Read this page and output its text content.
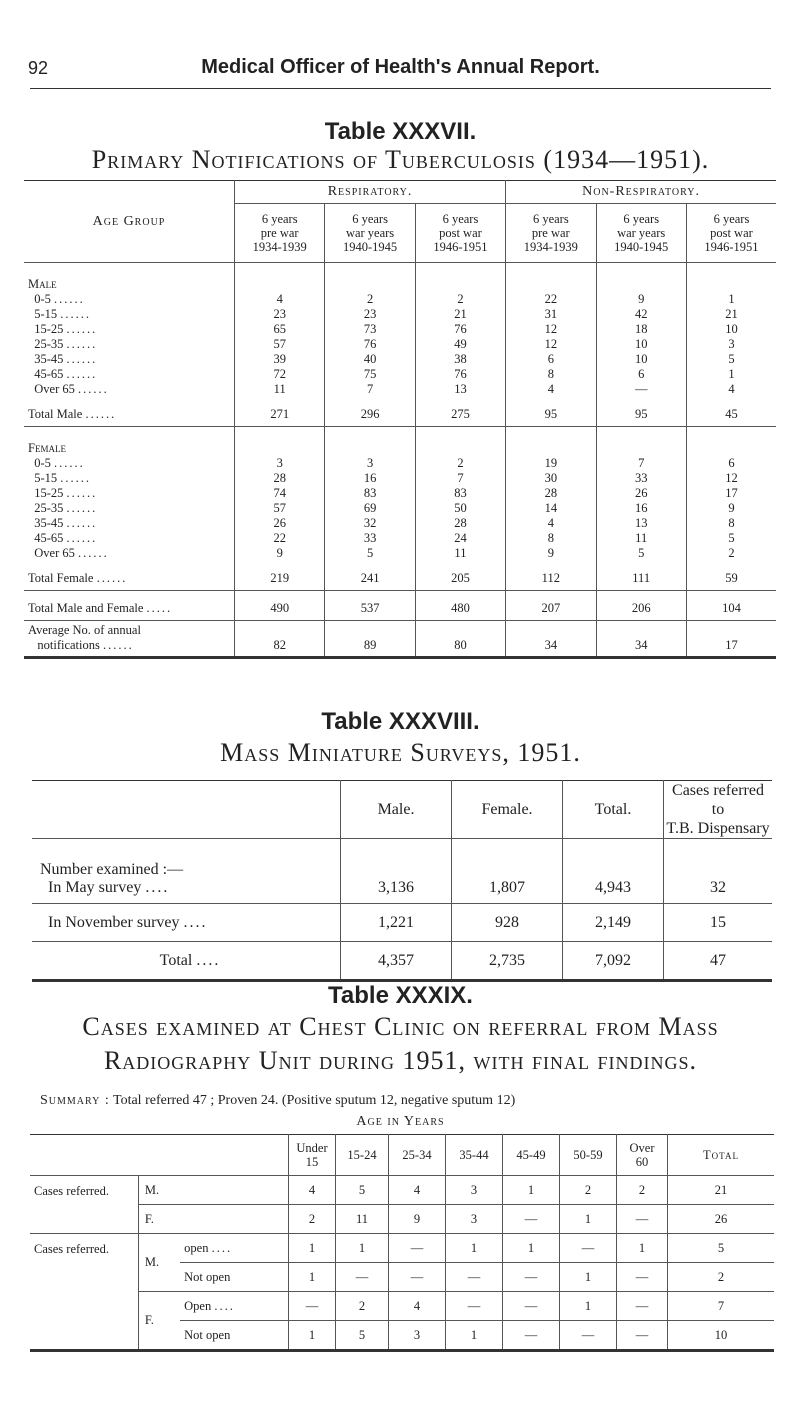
92	Medical Officer of Health's Annual Report.
Table XXXVII.
Primary Notifications of Tuberculosis (1934—1951).
Age Group	Respiratory.			Non-Respiratory.		
	6 years
pre war
1934-1939	6 years
war years
1940-1945	6 years
post war
1946-1951	6 years
pre war
1934-1939	6 years
war years
1940-1945	6 years
post war
1946-1951
Male						
0-5 ......	4	2	2	22	9	1
5-15 ......	23	23	21	31	42	21
15-25 ......	65	73	76	12	18	10
25-35 ......	57	76	49	12	10	3
35-45 ......	39	40	38	6	10	5
45-65 ......	72	75	76	8	6	1
Over 65 ......	11	7	13	4	—	4
Total Male ......	271	296	275	95	95	45
Female						
0-5 ......	3	3	2	19	7	6
5-15 ......	28	16	7	30	33	12
15-25 ......	74	83	83	28	26	17
25-35 ......	57	69	50	14	16	9
35-45 ......	26	32	28	4	13	8
45-65 ......	22	33	24	8	11	5
Over 65 ......	9	5	11	9	5	2
Total Female ......	219	241	205	112	111	59
Total Male and Female .....	490	537	480	207	206	104
Average No. of annual
notifications ......	82	89	80	34	34	17
Table XXXVIII.
Mass Miniature Surveys, 1951.
	Male.	Female.	Total.	Cases referred to
T.B. Dispensary
Number examined :—
In May survey ....	3,136	1,807	4,943	32
In November survey ....	1,221	928	2,149	15
Total ....	4,357	2,735	7,092	47
Table XXXIX.
Cases examined at Chest Clinic on referral from Mass
Radiography Unit during 1951, with final findings.
Summary : Total referred 47 ; Proven 24. (Positive sputum 12, negative sputum 12)
Age in Years
			Under
15	15-24	25-34	35-44	45-49	50-59	Over
60	Total
Cases referred.	M.		4	5	4	3	1	2	2	21
	F.		2	11	9	3	—	1	—	26
Cases referred.	M.	open ....	1	1	—	1	1	—	1	5
		Not open	1	—	—	—	—	1	—	2
	F.	Open ....	—	2	4	—	—	1	—	7
		Not open	1	5	3	1	—	—	—	10
